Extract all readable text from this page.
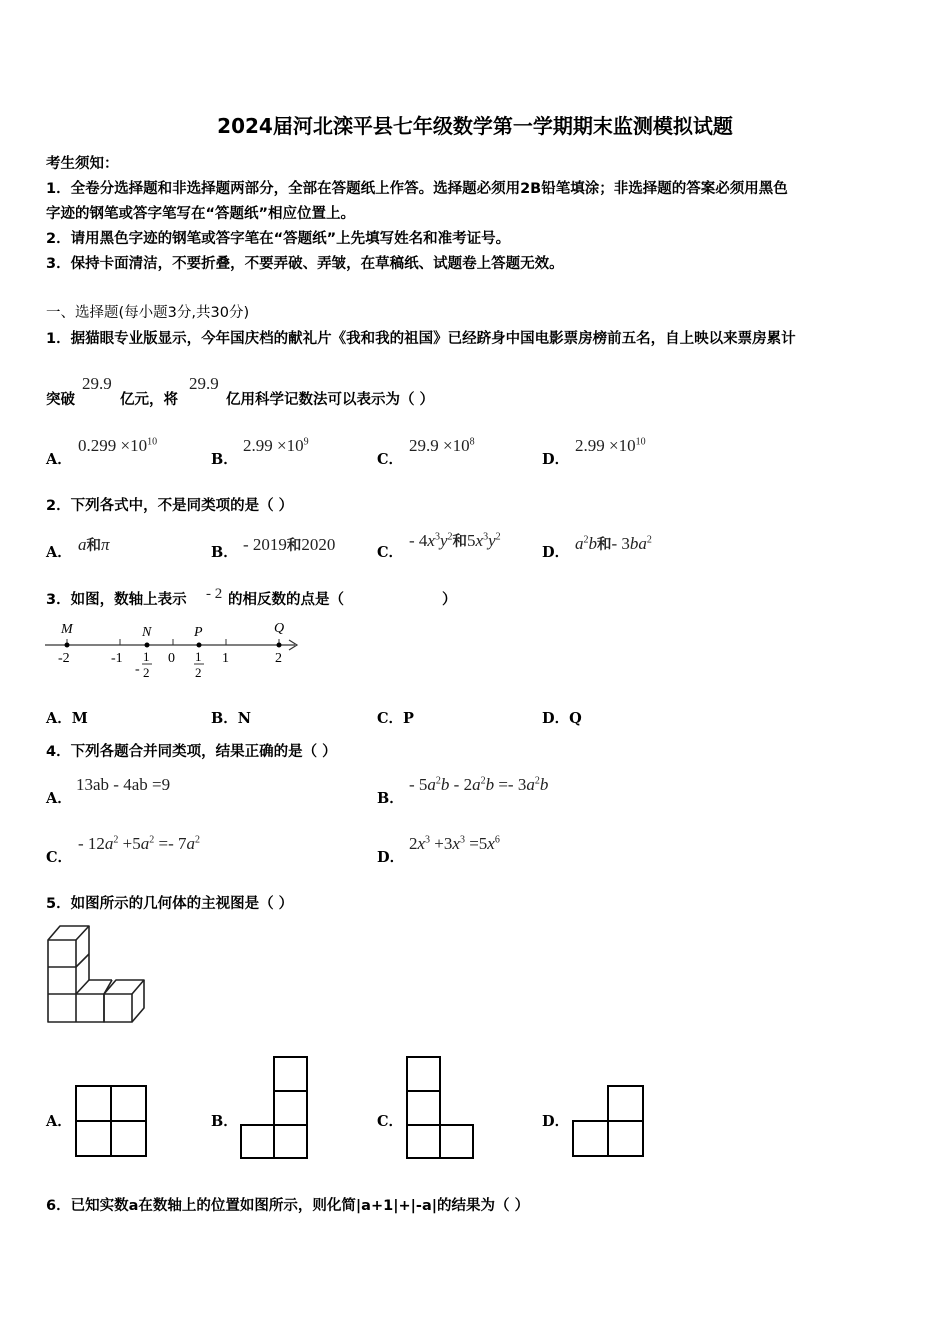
2024届河北滦平县七年级数学第一学期期末监测模拟试题
考生须知：
1．全卷分选择题和非选择题两部分，全部在答题纸上作答。选择题必须用2B铅笔填涂；非选择题的答案必须用黑色
字迹的钢笔或答字笔写在“答题纸”相应位置上。
2．请用黑色字迹的钢笔或答字笔在“答题纸”上先填写姓名和准考证号。
3．保持卡面清洁，不要折叠，不要弄破、弄皱，在草稿纸、试题卷上答题无效。
一、选择题(每小题3分,共30分)
1．据猫眼专业版显示，今年国庆档的献礼片《我和我的祖国》已经跻身中国电影票房榜前五名，自上映以来票房累计
突破
29.9
亿元，将
29.9
亿用科学记数法可以表示为（ ）
A．
$0.299 \times 10^{10}$
B．
$2.99 \times 10^9$
C．
$29.9 \times 10^8$
D．
$2.99 \times 10^{10}$
2．下列各式中，不是同类项的是（ ）
A． a和π	B． - 2019和2020	C．
- $4x^3y^2$和$5x^3y^2$
D． $a^2b$和- $3ba^2$
3．如图，数轴上表示 - 2 的相反数的点是（	）
M	N	P	Q
-2	-1	0	1	2
-
1
2
1
2
A．M	B．N	C．P	D．Q
4．下列各题合并同类项，结果正确的是（ ）
A．
13ab - 4ab =9
B．
- $5a^2b - 2a^2b =- 3a^2b$
C．
- $12a^2 +5a^2 =- 7a^2$
D．
$2x^3 +3x^3 =5x^6$
5．如图所示的几何体的主视图是（ ）
A．	B．	C．	D．
6．已知实数a在数轴上的位置如图所示，则化简|a+1|+|-a|的结果为（ ）
